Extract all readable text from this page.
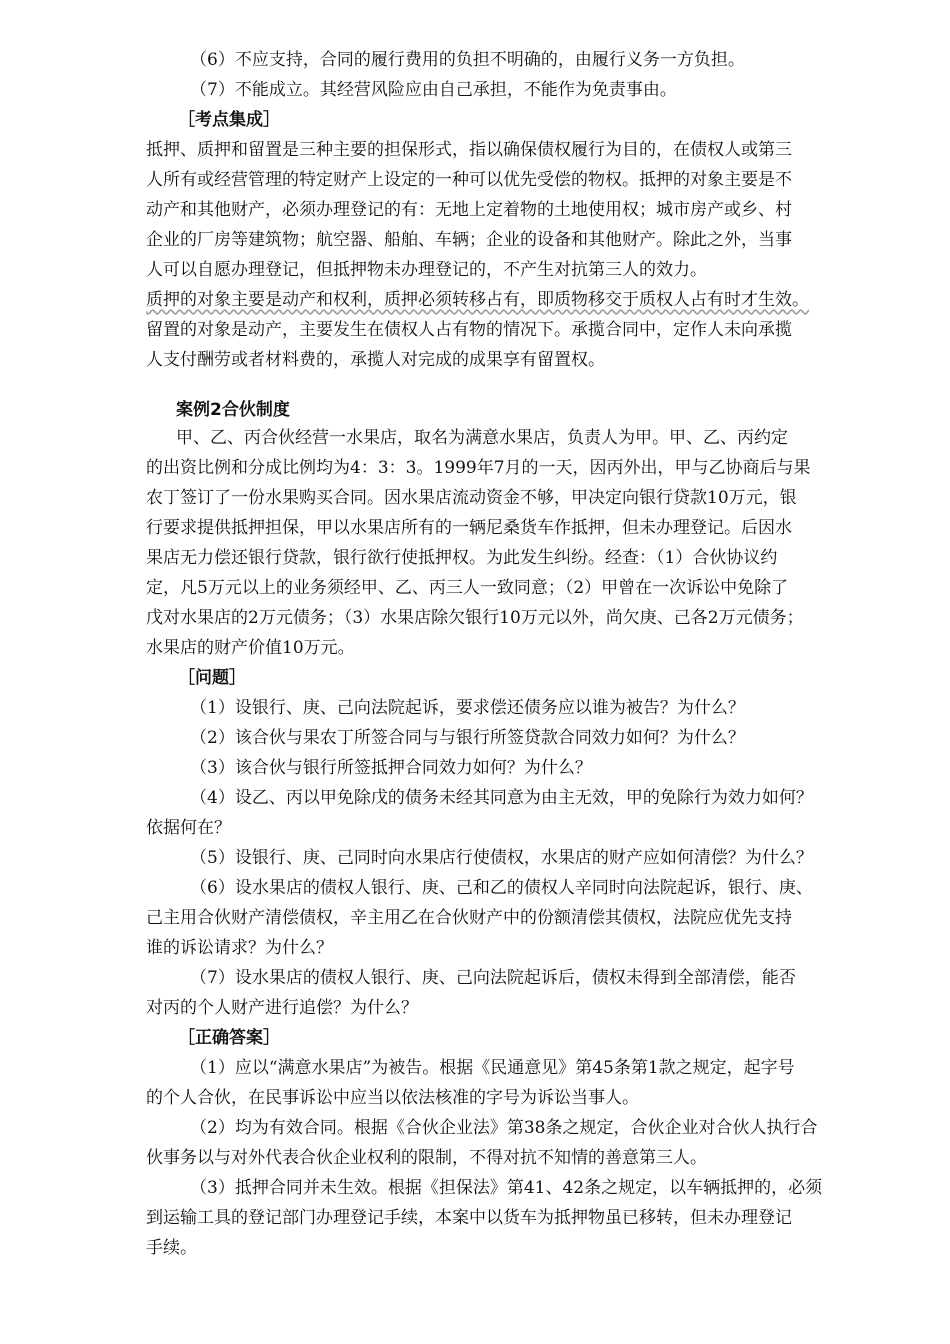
（6）不应支持，合同的履行费用的负担不明确的，由履行义务一方负担。
（7）不能成立。其经营风险应由自己承担，不能作为免责事由。
［考点集成］
抵押、质押和留置是三种主要的担保形式，指以确保债权履行为目的，在债权人或第三
人所有或经营管理的特定财产上设定的一种可以优先受偿的物权。抵押的对象主要是不
动产和其他财产，必须办理登记的有：无地上定着物的土地使用权；城市房产或乡、村
企业的厂房等建筑物；航空器、船舶、车辆；企业的设备和其他财产。除此之外，当事
人可以自愿办理登记，但抵押物未办理登记的，不产生对抗第三人的效力。
质押的对象主要是动产和权利，质押必须转移占有，即质物移交于质权人占有时才生效。
留置的对象是动产，主要发生在债权人占有物的情况下。承揽合同中，定作人未向承揽
人支付酬劳或者材料费的，承揽人对完成的成果享有留置权。
案例2合伙制度
甲、乙、丙合伙经营一水果店，取名为满意水果店，负责人为甲。甲、乙、丙约定
的出资比例和分成比例均为4：3：3。1999年7月的一天，因丙外出，甲与乙协商后与果
农丁签订了一份水果购买合同。因水果店流动资金不够，甲决定向银行贷款10万元，银
行要求提供抵押担保，甲以水果店所有的一辆尼桑货车作抵押，但未办理登记。后因水
果店无力偿还银行贷款，银行欲行使抵押权。为此发生纠纷。经查：（1）合伙协议约
定，凡5万元以上的业务须经甲、乙、丙三人一致同意；（2）甲曾在一次诉讼中免除了
戊对水果店的2万元债务；（3）水果店除欠银行10万元以外，尚欠庚、己各2万元债务；
水果店的财产价值10万元。
［问题］
（1）设银行、庚、己向法院起诉，要求偿还债务应以谁为被告？为什么？
（2）该合伙与果农丁所签合同与与银行所签贷款合同效力如何？为什么？
（3）该合伙与银行所签抵押合同效力如何？为什么？
（4）设乙、丙以甲免除戊的债务未经其同意为由主无效，甲的免除行为效力如何？
依据何在？
（5）设银行、庚、己同时向水果店行使债权，水果店的财产应如何清偿？为什么？
（6）设水果店的债权人银行、庚、己和乙的债权人辛同时向法院起诉，银行、庚、
己主用合伙财产清偿债权，辛主用乙在合伙财产中的份额清偿其债权，法院应优先支持
谁的诉讼请求？为什么？
（7）设水果店的债权人银行、庚、己向法院起诉后，债权未得到全部清偿，能否
对丙的个人财产进行追偿？为什么？
［正确答案］
（1）应以“满意水果店”为被告。根据《民通意见》第45条第1款之规定，起字号
的个人合伙，在民事诉讼中应当以依法核准的字号为诉讼当事人。
（2）均为有效合同。根据《合伙企业法》第38条之规定，合伙企业对合伙人执行合
伙事务以与对外代表合伙企业权利的限制，不得对抗不知情的善意第三人。
（3）抵押合同并未生效。根据《担保法》第41、42条之规定，以车辆抵押的，必须
到运输工具的登记部门办理登记手续，本案中以货车为抵押物虽已移转，但未办理登记
手续。
